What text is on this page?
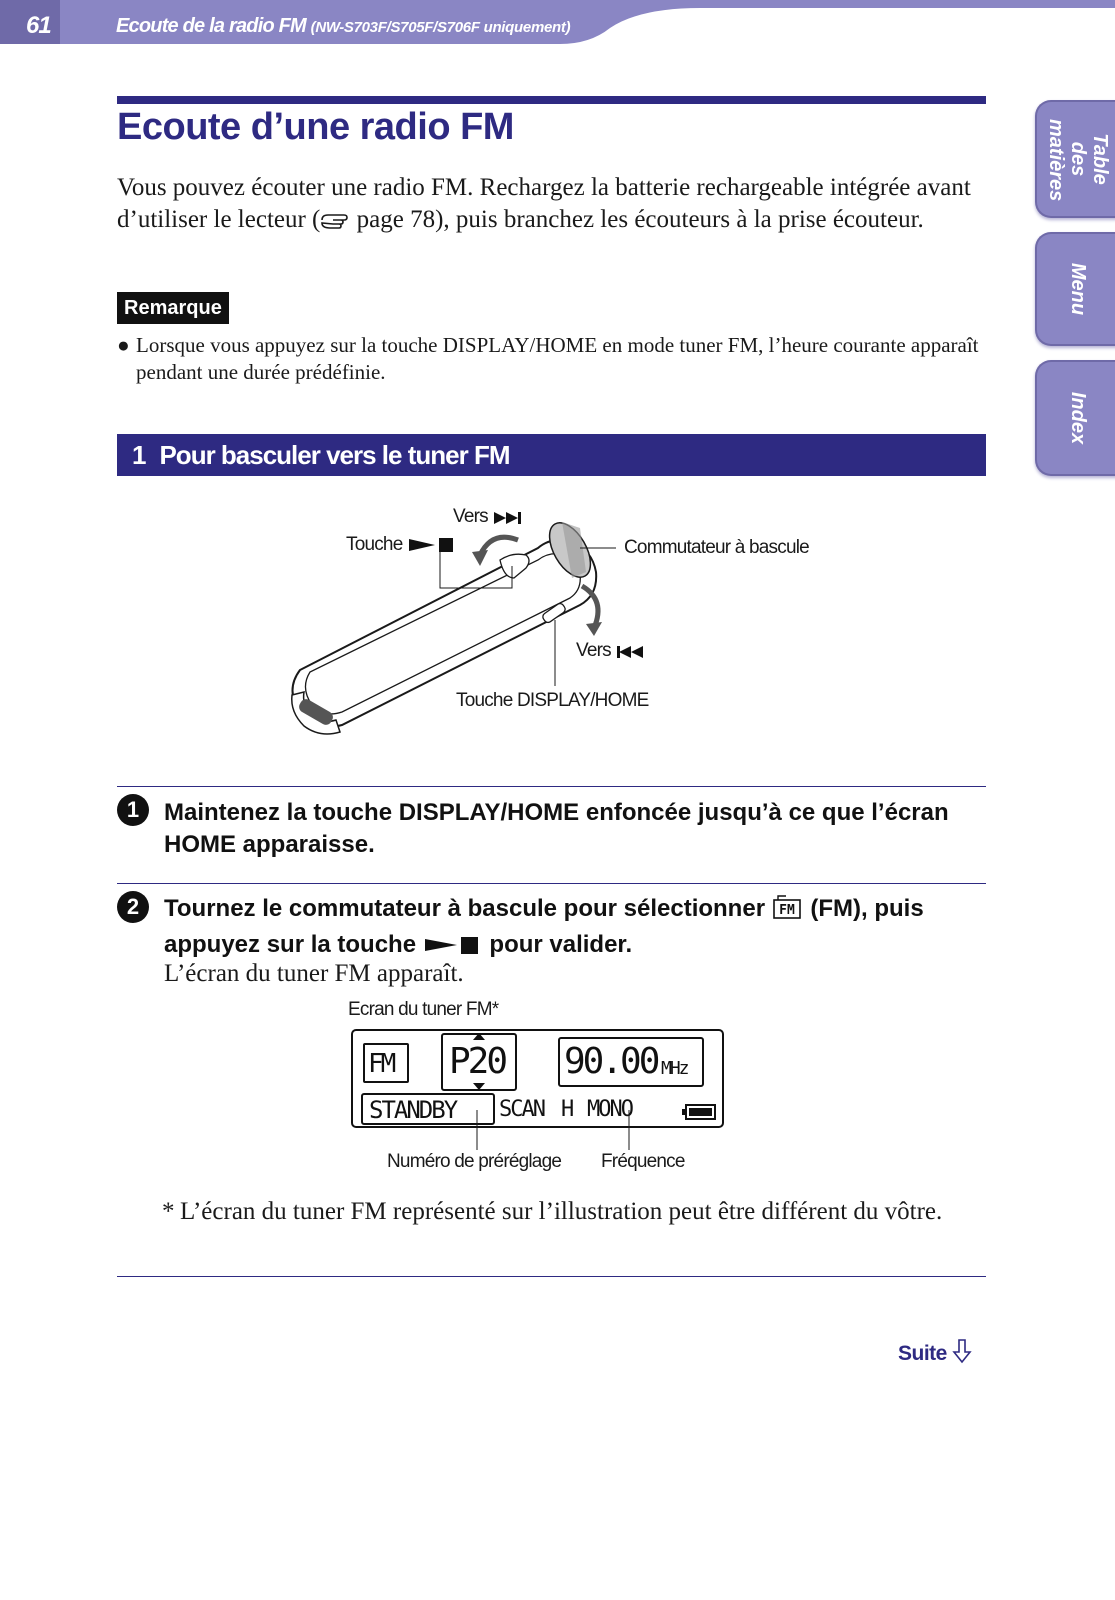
61	Ecoute de la radio FM (NW-S703F/S705F/S706F uniquement)
Table des matières
Menu
Index
Ecoute d’une radio FM

Vous pouvez écouter une radio FM. Rechargez la batterie rechargeable intégrée avant d’utiliser le lecteur ( page 78), puis branchez les écouteurs à la prise écouteur.

Remarque
● Lorsque vous appuyez sur la touche DISPLAY/HOME en mode tuner FM, l’heure courante apparaît pendant une durée prédéfinie.
1 Pour basculer vers le tuner FM
Vers
Touche	Commutateur à bascule
Vers
Touche DISPLAY/HOME
1	Maintenez la touche DISPLAY/HOME enfoncée jusqu’à ce que l’écran HOME apparaisse.
2	Tournez le commutateur à bascule pour sélectionner FM (FM), puis appuyez sur la touche	pour valider.

L’écran du tuner FM apparaît.

Ecran du tuner FM*
FM P20 90.00 MHz
STANDBY SCAN H MONO
Numéro de préréglage Fréquence
* L’écran du tuner FM représenté sur l’illustration peut être différent du vôtre.
Suite
